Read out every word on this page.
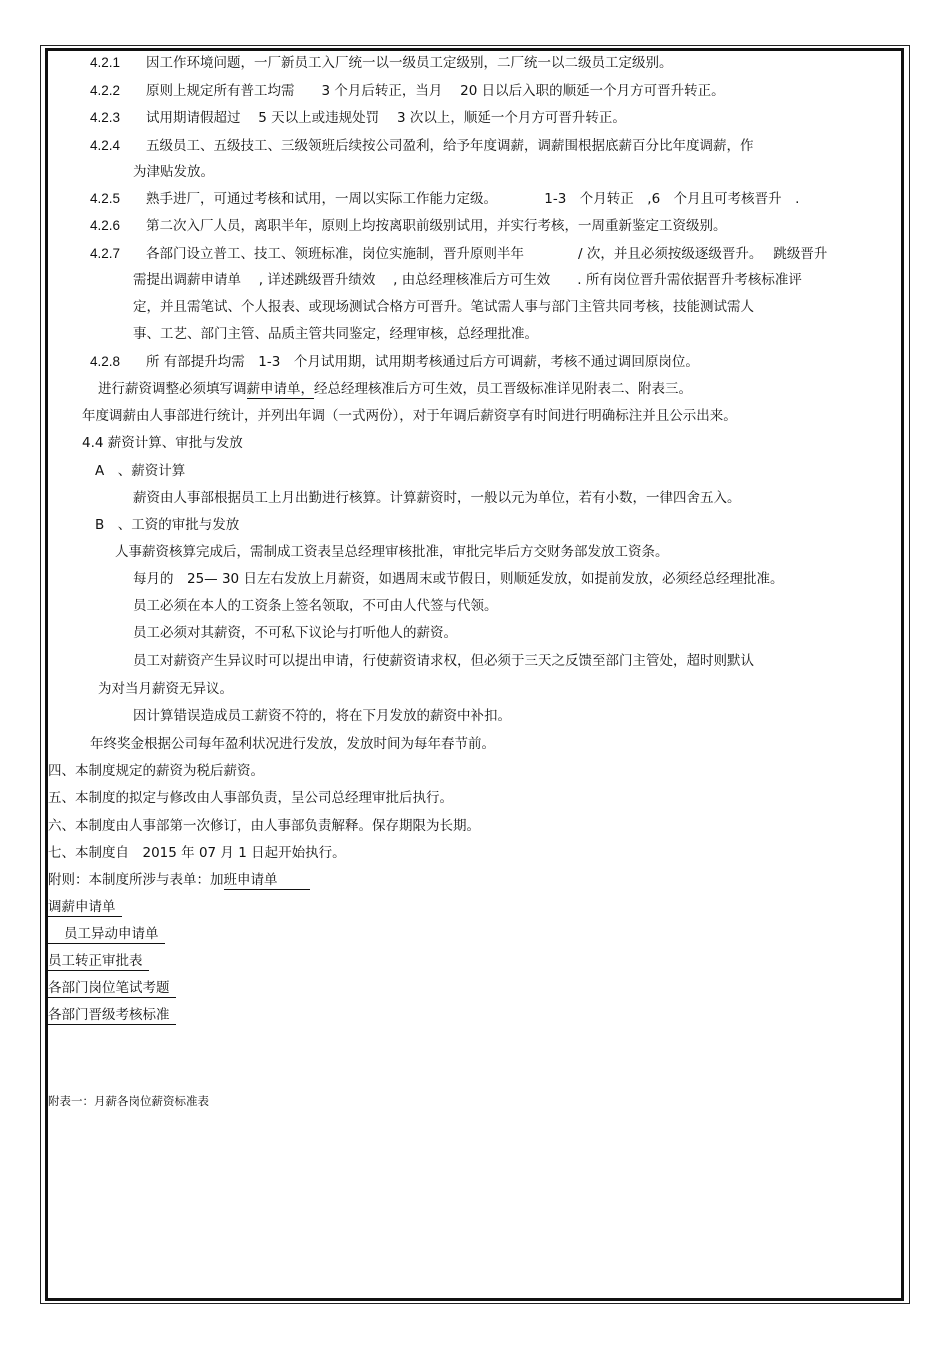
4.2.1 因工作环境问题，一厂新员工入厂统一以一级员工定级别，二厂统一以二级员工定级别。
4.2.2 原则上规定所有普工均需　　3 个月后转正，当月　 20 日以后入职的顺延一个月方可晋升转正。
4.2.3 试用期请假超过　 5 天以上或违规处罚　 3 次以上，顺延一个月方可晋升转正。
4.2.4 五级员工、五级技工、三级领班后续按公司盈利，给予年度调薪，调薪围根据底薪百分比年度调薪，作
为津贴发放。
4.2.5 熟手进厂，可通过考核和试用，一周以实际工作能力定级。　　　　1-3　个月转正　,6　个月且可考核晋升　.
4.2.6 第二次入厂人员，离职半年，原则上均按离职前级别试用，并实行考核，一周重新鉴定工资级别。
4.2.7 各部门设立普工、技工、领班标准，岗位实施制，晋升原则半年　　　　/ 次，并且必须按级逐级晋升。　 跳级晋升
需提出调薪申请单　 , 详述跳级晋升绩效　 , 由总经理核准后方可生效　　. 所有岗位晋升需依据晋升考核标准评
定，并且需笔试、个人报表、或现场测试合格方可晋升。笔试需人事与部门主管共同考核，技能测试需人
事、工艺、部门主管、品质主管共同鉴定，经理审核，总经理批准。
4.2.8 所 有部提升均需　1-3　个月试用期，试用期考核通过后方可调薪，考核不通过调回原岗位。
进行薪资调整必须填写调薪申请单，经总经理核准后方可生效，员工晋级标准详见附表二、附表三。
年度调薪由人事部进行统计，并列出年调（一式两份），对于年调后薪资享有时间进行明确标注并且公示出来。
4.4 薪资计算、审批与发放
A　、薪资计算
薪资由人事部根据员工上月出勤进行核算。计算薪资时，一般以元为单位，若有小数，一律四舍五入。
B　、工资的审批与发放
人事薪资核算完成后，需制成工资表呈总经理审核批准，审批完毕后方交财务部发放工资条。
每月的　25— 30 日左右发放上月薪资，如遇周末或节假日，则顺延发放，如提前发放，必须经总经理批准。
员工必须在本人的工资条上签名领取，不可由人代签与代领。
员工必须对其薪资，不可私下议论与打听他人的薪资。
员工对薪资产生异议时可以提出申请，行使薪资请求权，但必须于三天之反馈至部门主管处，超时则默认
为对当月薪资无异议。
因计算错误造成员工薪资不符的，将在下月发放的薪资中补扣。
年终奖金根据公司每年盈利状况进行发放，发放时间为每年春节前。
四、本制度规定的薪资为税后薪资。
五、本制度的拟定与修改由人事部负责，呈公司总经理审批后执行。
六、本制度由人事部第一次修订，由人事部负责解释。保存期限为长期。
七、本制度自　2015 年 07 月 1 日起开始执行。
附则：本制度所涉与表单：加班申请单
调薪申请单
员工异动申请单
员工转正审批表
各部门岗位笔试考题
各部门晋级考核标准
附表一：月薪各岗位薪资标准表
